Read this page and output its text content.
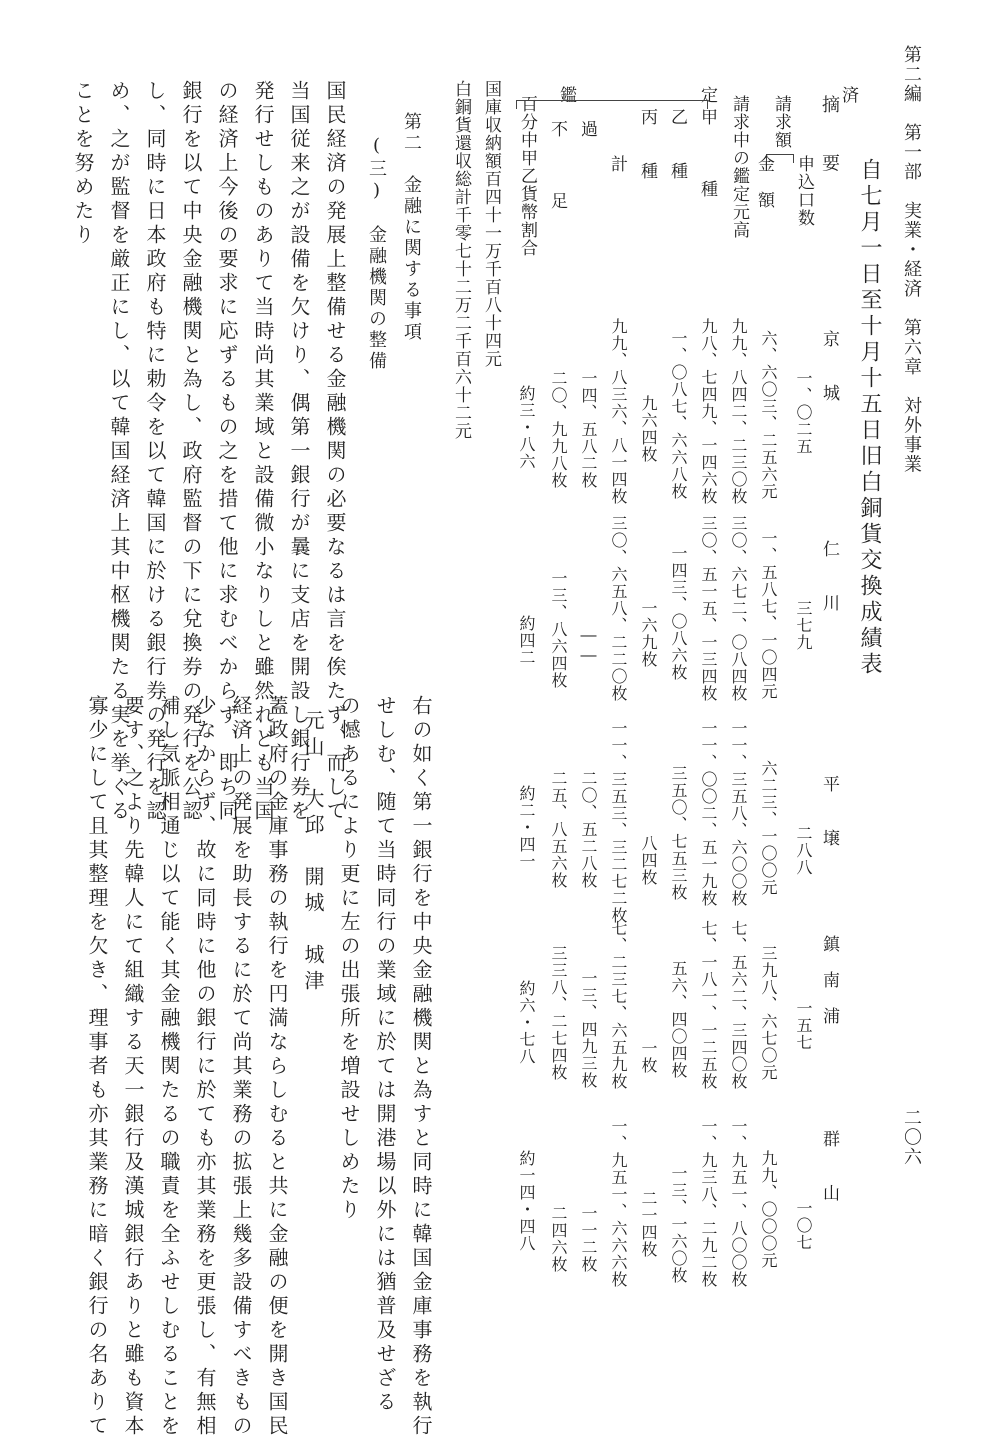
第二編　第一部　実業・経済　第六章　対外事業
二〇六
自七月一日至十月十五日旧白銅貨交換成績表
摘　　要
請求額
申込口数
金　額
請求中の鑑定元高
甲　　　種
乙　　種
丙　　種
計
過
不　　　足
百分中甲乙貨幣割合 鑑　　定　　済
京　　城
一、〇二五
六、六〇三、二五六元
九九、八四二、二三〇枚
九八、七四九、一四六枚
一、〇八七、六六八枚
九六四枚
九九、八三六、八一四枚
一四、五八二枚
二〇、九九八枚
約三・八六
仁　　川
三七九
一、五八七、一〇四元
三〇、六七二、〇八四枚
三〇、五一五、一三四枚
一四三、〇八六枚
一六九枚
三〇、六五八、二二〇枚
――
一三、八六四枚
約四二
平　　壌
二八八
六二三、一〇〇元
一一、三五八、六〇〇枚
一一、〇〇二、五一九枚
三五〇、七五三枚
八四枚
一一、三五三、三二七二枚
二〇、五二八枚
二五、八五六枚
約二・四一
鎮　南　浦
一五七
三九八、六七〇元
七、五六二、三四〇枚
七、一八一、一二五枚
五六、四〇四枚
一枚
七、二三七、六五九枚
一三、四九三枚
三三八、二七四枚
約六・七八
群　　山
一〇七
九九、〇〇〇元
一、九五一、八〇〇枚
一、九三八、二九二枚
一三、一六〇枚
二一四枚
一、九五一、六六六枚
一一二枚
二四六枚
約一四・四八
国庫収納額百四十一万千百八十四元
白銅貨還収総計千零七十二万二千百六十二元
第二　金融に関する事項
(三)　金融機関の整備
国民経済の発展上整備せる金融機関の必要なるは言を俟たず、而して
当国従来之が設備を欠けり、偶第一銀行が曩に支店を開設し銀行券を
発行せしものありて当時尚其業域と設備微小なりしと雖然れども当国
の経済上今後の要求に応ずるもの之を措て他に求むべからず、即ち同
銀行を以て中央金融機関と為し、政府監督の下に兌換券の発行を公認
し、同時に日本政府も特に勅令を以て韓国に於ける銀行券の発行を認
め、之が監督を厳正にし、以て韓国経済上其中枢機関たる実を挙ぐる
ことを努めたり
右の如く第一銀行を中央金融機関と為すと同時に韓国金庫事務を執行
せしむ、随て当時同行の業域に於ては開港場以外には猶普及せざる
の憾あるにより更に左の出張所を増設せしめたり
元山　大邱　開城　城津
蓋政府の金庫事務の執行を円満ならしむると共に金融の便を開き国民
経済上の発展を助長するに於て尚其業務の拡張上幾多設備すべきもの
少なからず、故に同時に他の銀行に於ても亦其業務を更張し、有無相
補し気脈相通じ以て能く其金融機関たるの職責を全ふせしむることを
要す、之より先韓人にて組織する天一銀行及漢城銀行ありと雖も資本
寡少にして且其整理を欠き、理事者も亦其業務に暗く銀行の名ありて
